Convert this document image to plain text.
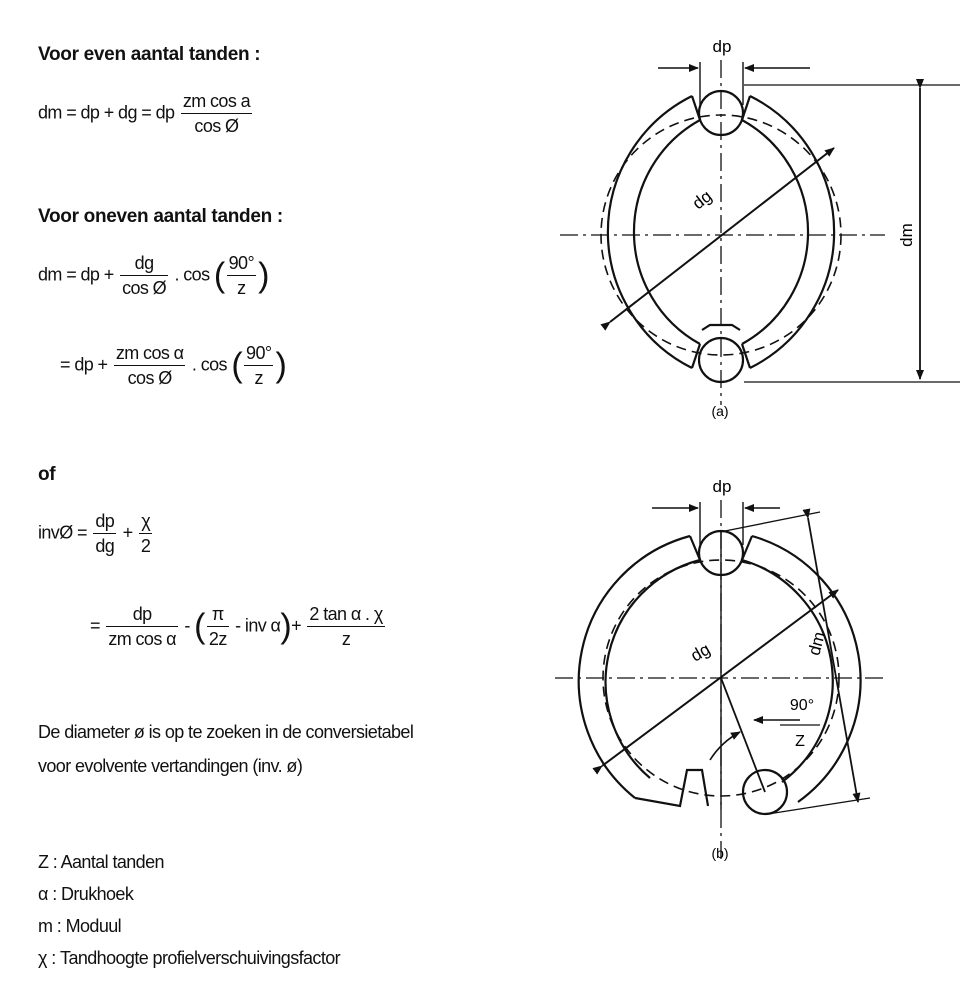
Voor even aantal tanden :
dm = dp + dg = dp $\frac{\text{zm cos a}}{\text{cos Ø}}$
Voor oneven aantal tanden :
dm = dp + $\frac{dg}{\text{cos Ø}}$ . cos ( $\frac{90^\circ}{z}$ )
= dp + $\frac{\text{zm cos α}}{\text{cos Ø}}$ . cos ( $\frac{90^\circ}{z}$ )
of
invØ = $\frac{dp}{dg} + \frac{\chi}{2}$
= $\frac{dp}{\text{zm cos α}}$ - ( $\frac{\pi}{2z}$ - inv $\alpha)+ \frac{\text{2 tan α . χ}}{z}$
De diameter ø is op te zoeken in de conversietabel
voor evolvente vertandingen (inv. ø)
Z : Aantal tanden
α : Drukhoek
m : Moduul
χ : Tandhoogte profielverschuivingsfactor
dp
dg
dm
(a)
dp
dg	dm
90°
Z
(b)
